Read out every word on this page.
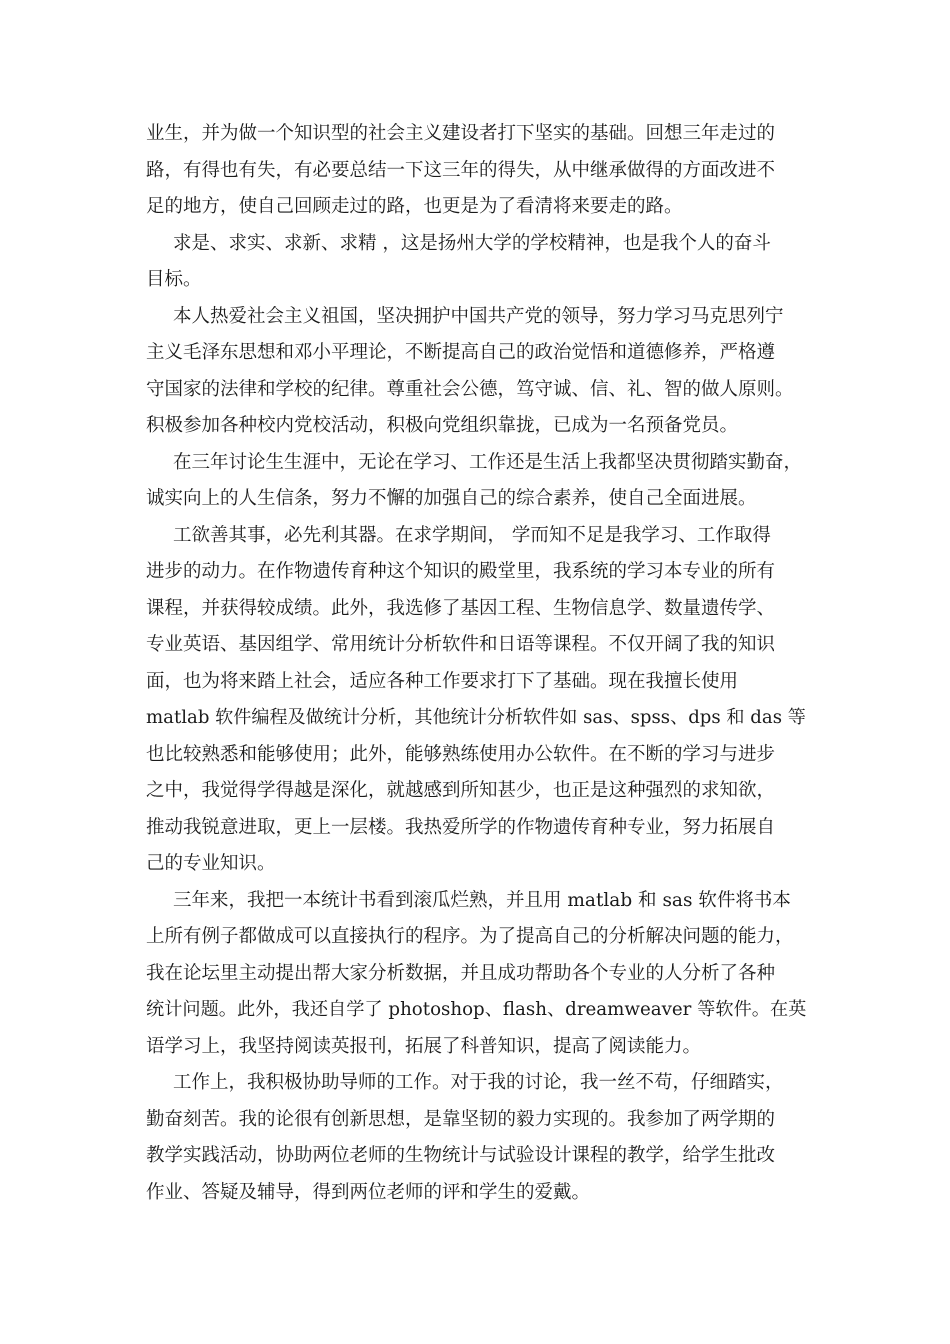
业生，并为做一个知识型的社会主义建设者打下坚实的基础。回想三年走过的
路，有得也有失，有必要总结一下这三年的得失，从中继承做得的方面改进不
足的地方，使自己回顾走过的路，也更是为了看清将来要走的路。
求是、求实、求新、求精 ，这是扬州大学的学校精神，也是我个人的奋斗
目标。
本人热爱社会主义祖国，坚决拥护中国共产党的领导，努力学习马克思列宁
主义毛泽东思想和邓小平理论，不断提高自己的政治觉悟和道德修养，严格遵
守国家的法律和学校的纪律。尊重社会公德，笃守诚、信、礼、智的做人原则。
积极参加各种校内党校活动，积极向党组织靠拢，已成为一名预备党员。
在三年讨论生生涯中，无论在学习、工作还是生活上我都坚决贯彻踏实勤奋，
诚实向上的人生信条，努力不懈的加强自己的综合素养，使自己全面进展。
工欲善其事，必先利其器。在求学期间， 学而知不足是我学习、工作取得
进步的动力。在作物遗传育种这个知识的殿堂里，我系统的学习本专业的所有
课程，并获得较成绩。此外，我选修了基因工程、生物信息学、数量遗传学、
专业英语、基因组学、常用统计分析软件和日语等课程。不仅开阔了我的知识
面，也为将来踏上社会，适应各种工作要求打下了基础。现在我擅长使用
matlab 软件编程及做统计分析，其他统计分析软件如 sas、spss、dps 和 das 等
也比较熟悉和能够使用；此外，能够熟练使用办公软件。在不断的学习与进步
之中，我觉得学得越是深化，就越感到所知甚少，也正是这种强烈的求知欲，
推动我锐意进取，更上一层楼。我热爱所学的作物遗传育种专业，努力拓展自
己的专业知识。
三年来，我把一本统计书看到滚瓜烂熟，并且用 matlab 和 sas 软件将书本
上所有例子都做成可以直接执行的程序。为了提高自己的分析解决问题的能力，
我在论坛里主动提出帮大家分析数据，并且成功帮助各个专业的人分析了各种
统计问题。此外，我还自学了 photoshop、flash、dreamweaver 等软件。在英
语学习上，我坚持阅读英报刊，拓展了科普知识，提高了阅读能力。
工作上，我积极协助导师的工作。对于我的讨论，我一丝不苟，仔细踏实，
勤奋刻苦。我的论很有创新思想，是靠坚韧的毅力实现的。我参加了两学期的
教学实践活动，协助两位老师的生物统计与试验设计课程的教学，给学生批改
作业、答疑及辅导，得到两位老师的评和学生的爱戴。
